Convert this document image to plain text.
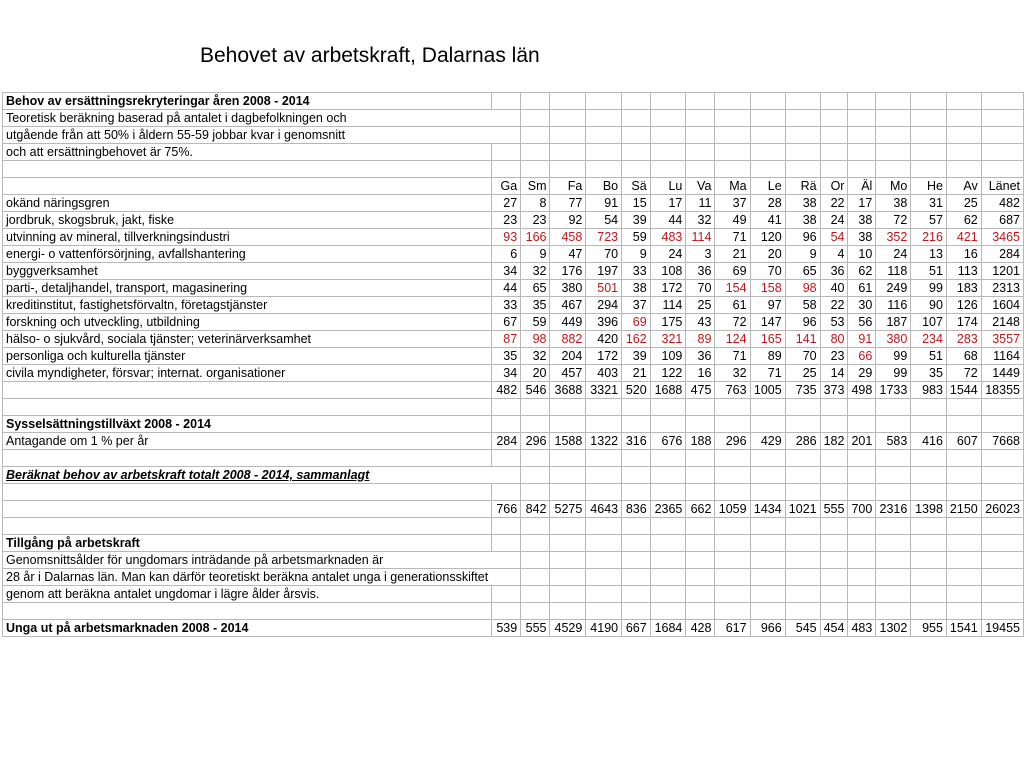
Behovet av arbetskraft, Dalarnas län
Behov av ersättningsrekryteringar åren 2008 - 2014																
Teoretisk beräkning baserad på antalet i dagbefolkningen och																
utgående från att 50% i åldern 55-59 jobbar kvar i genomsnitt																
och att ersättningbehovet är 75%.																

	Ga	Sm	Fa	Bo	Sä	Lu	Va	Ma	Le	Rä	Or	Äl	Mo	He	Av	Länet
okänd näringsgren	27	8	77	91	15	17	11	37	28	38	22	17	38	31	25	482
jordbruk, skogsbruk, jakt, fiske	23	23	92	54	39	44	32	49	41	38	24	38	72	57	62	687
utvinning av mineral, tillverkningsindustri	93	166	458	723	59	483	114	71	120	96	54	38	352	216	421	3465
energi- o vattenförsörjning, avfallshantering	6	9	47	70	9	24	3	21	20	9	4	10	24	13	16	284
byggverksamhet	34	32	176	197	33	108	36	69	70	65	36	62	118	51	113	1201
parti-, detaljhandel, transport, magasinering	44	65	380	501	38	172	70	154	158	98	40	61	249	99	183	2313
kreditinstitut, fastighetsförvaltn, företagstjänster	33	35	467	294	37	114	25	61	97	58	22	30	116	90	126	1604
forskning och utveckling, utbildning	67	59	449	396	69	175	43	72	147	96	53	56	187	107	174	2148
hälso- o sjukvård, sociala tjänster; veterinärverksamhet	87	98	882	420	162	321	89	124	165	141	80	91	380	234	283	3557
personliga och kulturella tjänster	35	32	204	172	39	109	36	71	89	70	23	66	99	51	68	1164
civila myndigheter, försvar; internat. organisationer	34	20	457	403	21	122	16	32	71	25	14	29	99	35	72	1449
	482	546	3688	3321	520	1688	475	763	1005	735	373	498	1733	983	1544	18355

Sysselsättningstillväxt 2008 - 2014																
Antagande om 1 % per år	284	296	1588	1322	316	676	188	296	429	286	182	201	583	416	607	7668

Beräknat behov av arbetskraft totalt 2008 - 2014, sammanlagt																

	766	842	5275	4643	836	2365	662	1059	1434	1021	555	700	2316	1398	2150	26023

Tillgång på arbetskraft																
Genomsnittsålder för ungdomars inträdande på arbetsmarknaden är																
28 år i Dalarnas län. Man kan därför teoretiskt beräkna antalet unga i generationsskiftet																
genom att beräkna antalet ungdomar i lägre ålder årsvis.																

Unga ut på arbetsmarknaden 2008 - 2014	539	555	4529	4190	667	1684	428	617	966	545	454	483	1302	955	1541	19455
